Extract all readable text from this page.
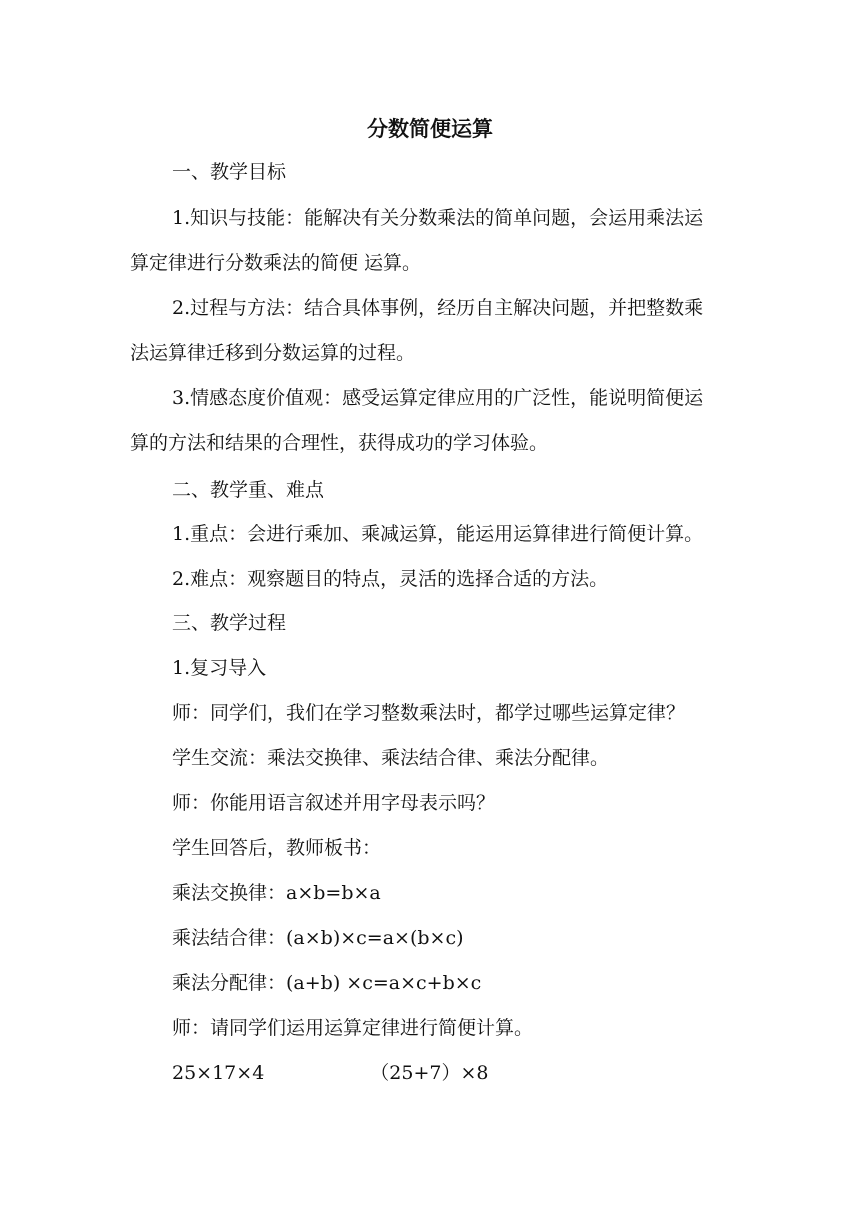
分数简便运算
一、教学目标
1.知识与技能：能解决有关分数乘法的简单问题，会运用乘法运
算定律进行分数乘法的简便 运算。
2.过程与方法：结合具体事例，经历自主解决问题，并把整数乘
法运算律迁移到分数运算的过程。
3.情感态度价值观：感受运算定律应用的广泛性，能说明简便运
算的方法和结果的合理性，获得成功的学习体验。
二、教学重、难点
1.重点：会进行乘加、乘减运算，能运用运算律进行简便计算。
2.难点：观察题目的特点，灵活的选择合适的方法。
三、教学过程
1.复习导入
师：同学们，我们在学习整数乘法时，都学过哪些运算定律？
学生交流：乘法交换律、乘法结合律、乘法分配律。
师：你能用语言叙述并用字母表示吗？
学生回答后，教师板书：
乘法交换律：a×b=b×a
乘法结合律：(a×b)×c=a×(b×c)
乘法分配律：(a+b) ×c=a×c+b×c
师：请同学们运用运算定律进行简便计算。
25×17×4	（25+7）×8
